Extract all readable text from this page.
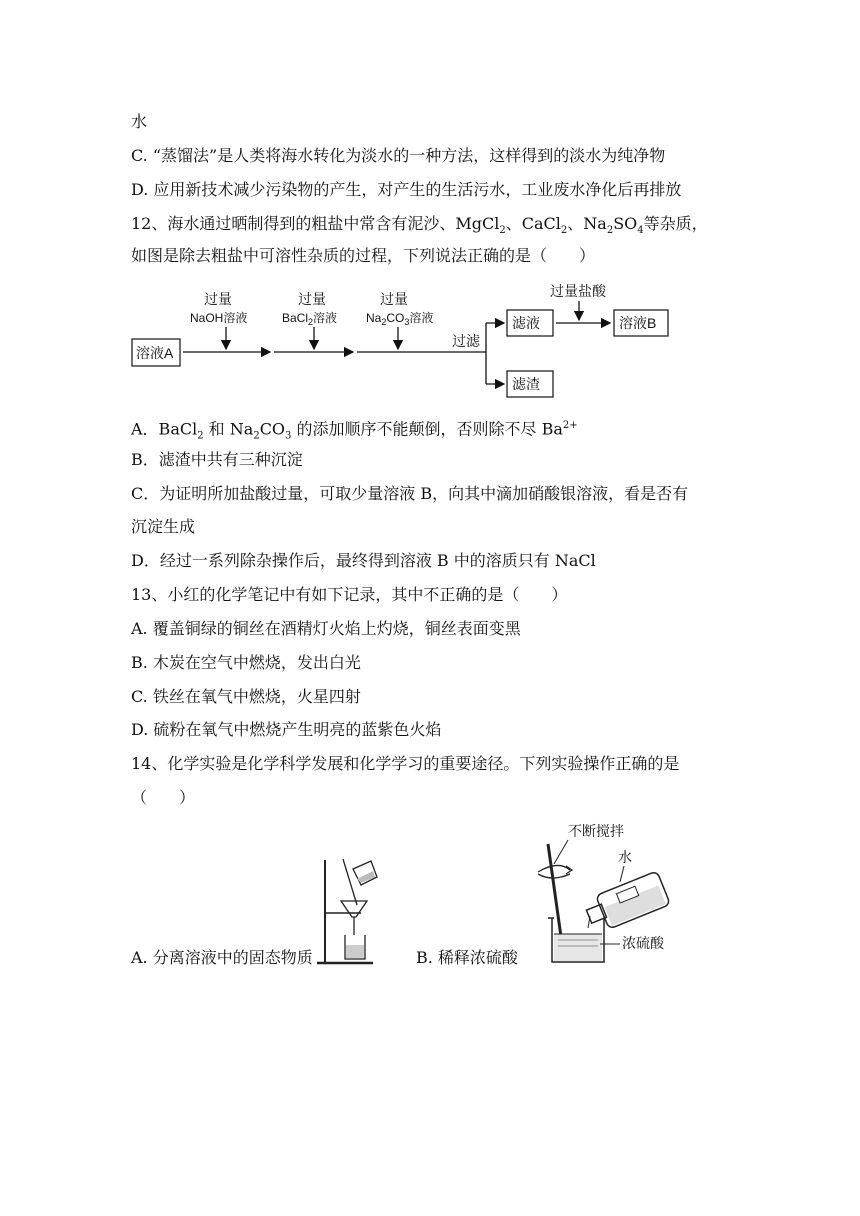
水
C. “蒸馏法”是人类将海水转化为淡水的一种方法，这样得到的淡水为纯净物
D. 应用新技术减少污染物的产生，对产生的生活污水，工业废水净化后再排放
12、海水通过晒制得到的粗盐中常含有泥沙、MgCl$_2$、CaCl$_2$、$Na_2SO_4$等杂质，
如图是除去粗盐中可溶性杂质的过程，下列说法正确的是（　　）
溶液A
过量
NaOH溶液
过量
BaCl$_2$溶液
过量
$Na_2CO_3$溶液
过滤
滤液
滤渣
过量盐酸
溶液B
A．BaCl$_2$ 和 $Na_2CO_3$ 的添加顺序不能颠倒，否则除不尽 $Ba^{2+}$
B．滤渣中共有三种沉淀
C．为证明所加盐酸过量，可取少量溶液 B，向其中滴加硝酸银溶液，看是否有
沉淀生成
D．经过一系列除杂操作后，最终得到溶液 B 中的溶质只有 NaCl
13、小红的化学笔记中有如下记录，其中不正确的是（　　）
A. 覆盖铜绿的铜丝在酒精灯火焰上灼烧，铜丝表面变黑
B. 木炭在空气中燃烧，发出白光
C. 铁丝在氧气中燃烧，火星四射
D. 硫粉在氧气中燃烧产生明亮的蓝紫色火焰
14、化学实验是化学科学发展和化学学习的重要途径。下列实验操作正确的是
（　　）
A. 分离溶液中的固态物质
不断搅拌
水
浓硫酸
B. 稀释浓硫酸
